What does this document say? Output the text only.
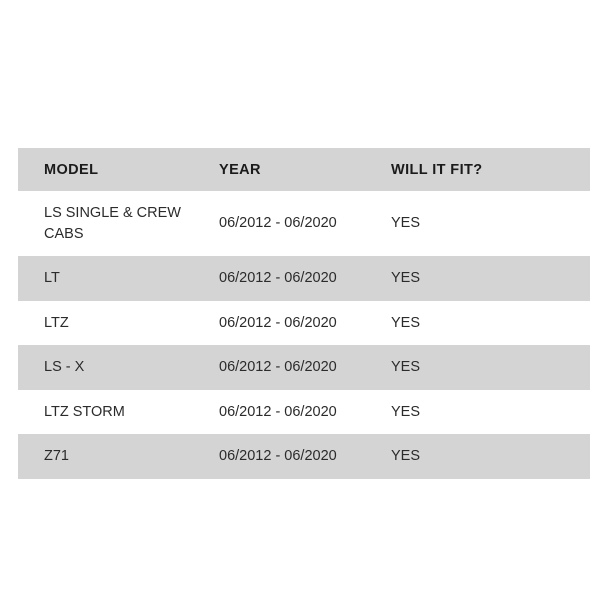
MODEL	YEAR	WILL IT FIT?
LS SINGLE & CREW CABS	06/2012 - 06/2020	YES
LT	06/2012 - 06/2020	YES
LTZ	06/2012 - 06/2020	YES
LS - X	06/2012 - 06/2020	YES
LTZ STORM	06/2012 - 06/2020	YES
Z71	06/2012 - 06/2020	YES
